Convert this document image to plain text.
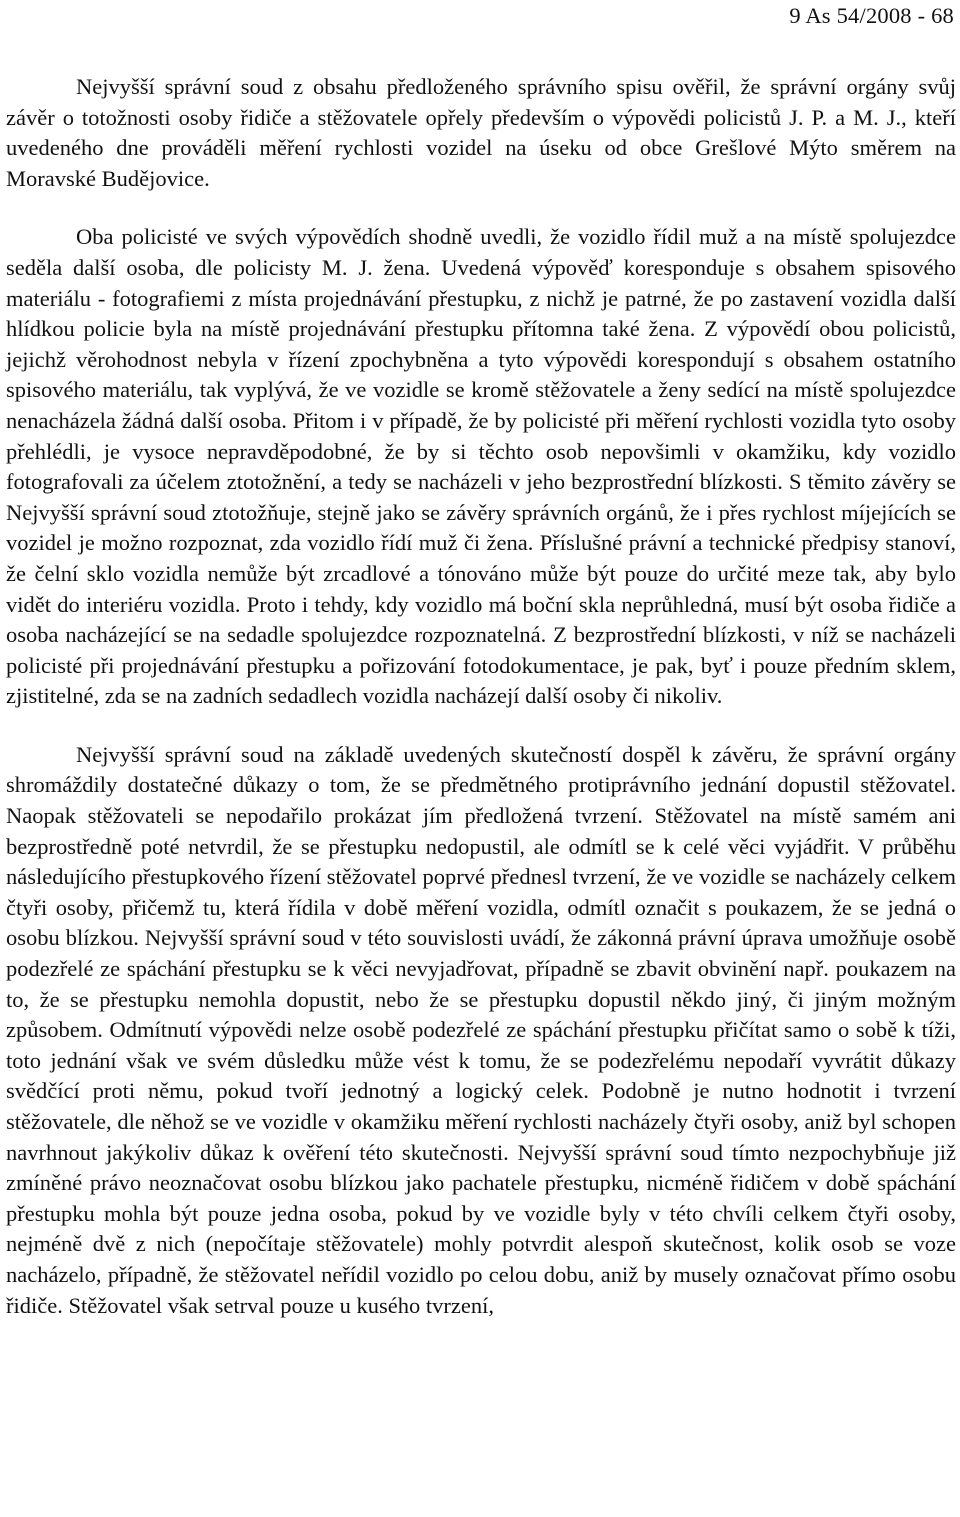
9 As 54/2008 - 68

Nejvyšší správní soud z obsahu předloženého správního spisu ověřil, že správní orgány svůj závěr o totožnosti osoby řidiče a stěžovatele opřely především o výpovědi policistů J. P. a M. J., kteří uvedeného dne prováděli měření rychlosti vozidel na úseku od obce Grešlové Mýto směrem na Moravské Budějovice.

Oba policisté ve svých výpovědích shodně uvedli, že vozidlo řídil muž a na místě spolujezdce seděla další osoba, dle policisty M. J. žena. Uvedená výpověď koresponduje s obsahem spisového materiálu - fotografiemi z místa projednávání přestupku, z nichž je patrné, že po zastavení vozidla další hlídkou policie byla na místě projednávání přestupku přítomna také žena. Z výpovědí obou policistů, jejichž věrohodnost nebyla v řízení zpochybněna a tyto výpovědi korespondují s obsahem ostatního spisového materiálu, tak vyplývá, že ve vozidle se kromě stěžovatele a ženy sedící na místě spolujezdce nenacházela žádná další osoba. Přitom i v případě, že by policisté při měření rychlosti vozidla tyto osoby přehlédli, je vysoce nepravděpodobné, že by si těchto osob nepovšimli v okamžiku, kdy vozidlo fotografovali za účelem ztotožnění, a tedy se nacházeli v jeho bezprostřední blízkosti. S těmito závěry se Nejvyšší správní soud ztotožňuje, stejně jako se závěry správních orgánů, že i přes rychlost míjejících se vozidel je možno rozpoznat, zda vozidlo řídí muž či žena. Příslušné právní a technické předpisy stanoví, že čelní sklo vozidla nemůže být zrcadlové a tónováno může být pouze do určité meze tak, aby bylo vidět do interiéru vozidla. Proto i tehdy, kdy vozidlo má boční skla neprůhledná, musí být osoba řidiče a osoba nacházející se na sedadle spolujezdce rozpoznatelná. Z bezprostřední blízkosti, v níž se nacházeli policisté při projednávání přestupku a pořizování fotodokumentace, je pak, byť i pouze předním sklem, zjistitelné, zda se na zadních sedadlech vozidla nacházejí další osoby či nikoliv.

Nejvyšší správní soud na základě uvedených skutečností dospěl k závěru, že správní orgány shromáždily dostatečné důkazy o tom, že se předmětného protiprávního jednání dopustil stěžovatel. Naopak stěžovateli se nepodařilo prokázat jím předložená tvrzení. Stěžovatel na místě samém ani bezprostředně poté netvrdil, že se přestupku nedopustil, ale odmítl se k celé věci vyjádřit. V průběhu následujícího přestupkového řízení stěžovatel poprvé přednesl tvrzení, že ve vozidle se nacházely celkem čtyři osoby, přičemž tu, která řídila v době měření vozidla, odmítl označit s poukazem, že se jedná o osobu blízkou. Nejvyšší správní soud v této souvislosti uvádí, že zákonná právní úprava umožňuje osobě podezřelé ze spáchání přestupku se k věci nevyjadřovat, případně se zbavit obvinění např. poukazem na to, že se přestupku nemohla dopustit, nebo že se přestupku dopustil někdo jiný, či jiným možným způsobem. Odmítnutí výpovědi nelze osobě podezřelé ze spáchání přestupku přičítat samo o sobě k tíži, toto jednání však ve svém důsledku může vést k tomu, že se podezřelému nepodaří vyvrátit důkazy svědčící proti němu, pokud tvoří jednotný a logický celek. Podobně je nutno hodnotit i tvrzení stěžovatele, dle něhož se ve vozidle v okamžiku měření rychlosti nacházely čtyři osoby, aniž byl schopen navrhnout jakýkoliv důkaz k ověření této skutečnosti. Nejvyšší správní soud tímto nezpochybňuje již zmíněné právo neoznačovat osobu blízkou jako pachatele přestupku, nicméně řidičem v době spáchání přestupku mohla být pouze jedna osoba, pokud by ve vozidle byly v této chvíli celkem čtyři osoby, nejméně dvě z nich (nepočítaje stěžovatele) mohly potvrdit alespoň skutečnost, kolik osob se voze nacházelo, případně, že stěžovatel neřídil vozidlo po celou dobu, aniž by musely označovat přímo osobu řidiče. Stěžovatel však setrval pouze u kusého tvrzení,
